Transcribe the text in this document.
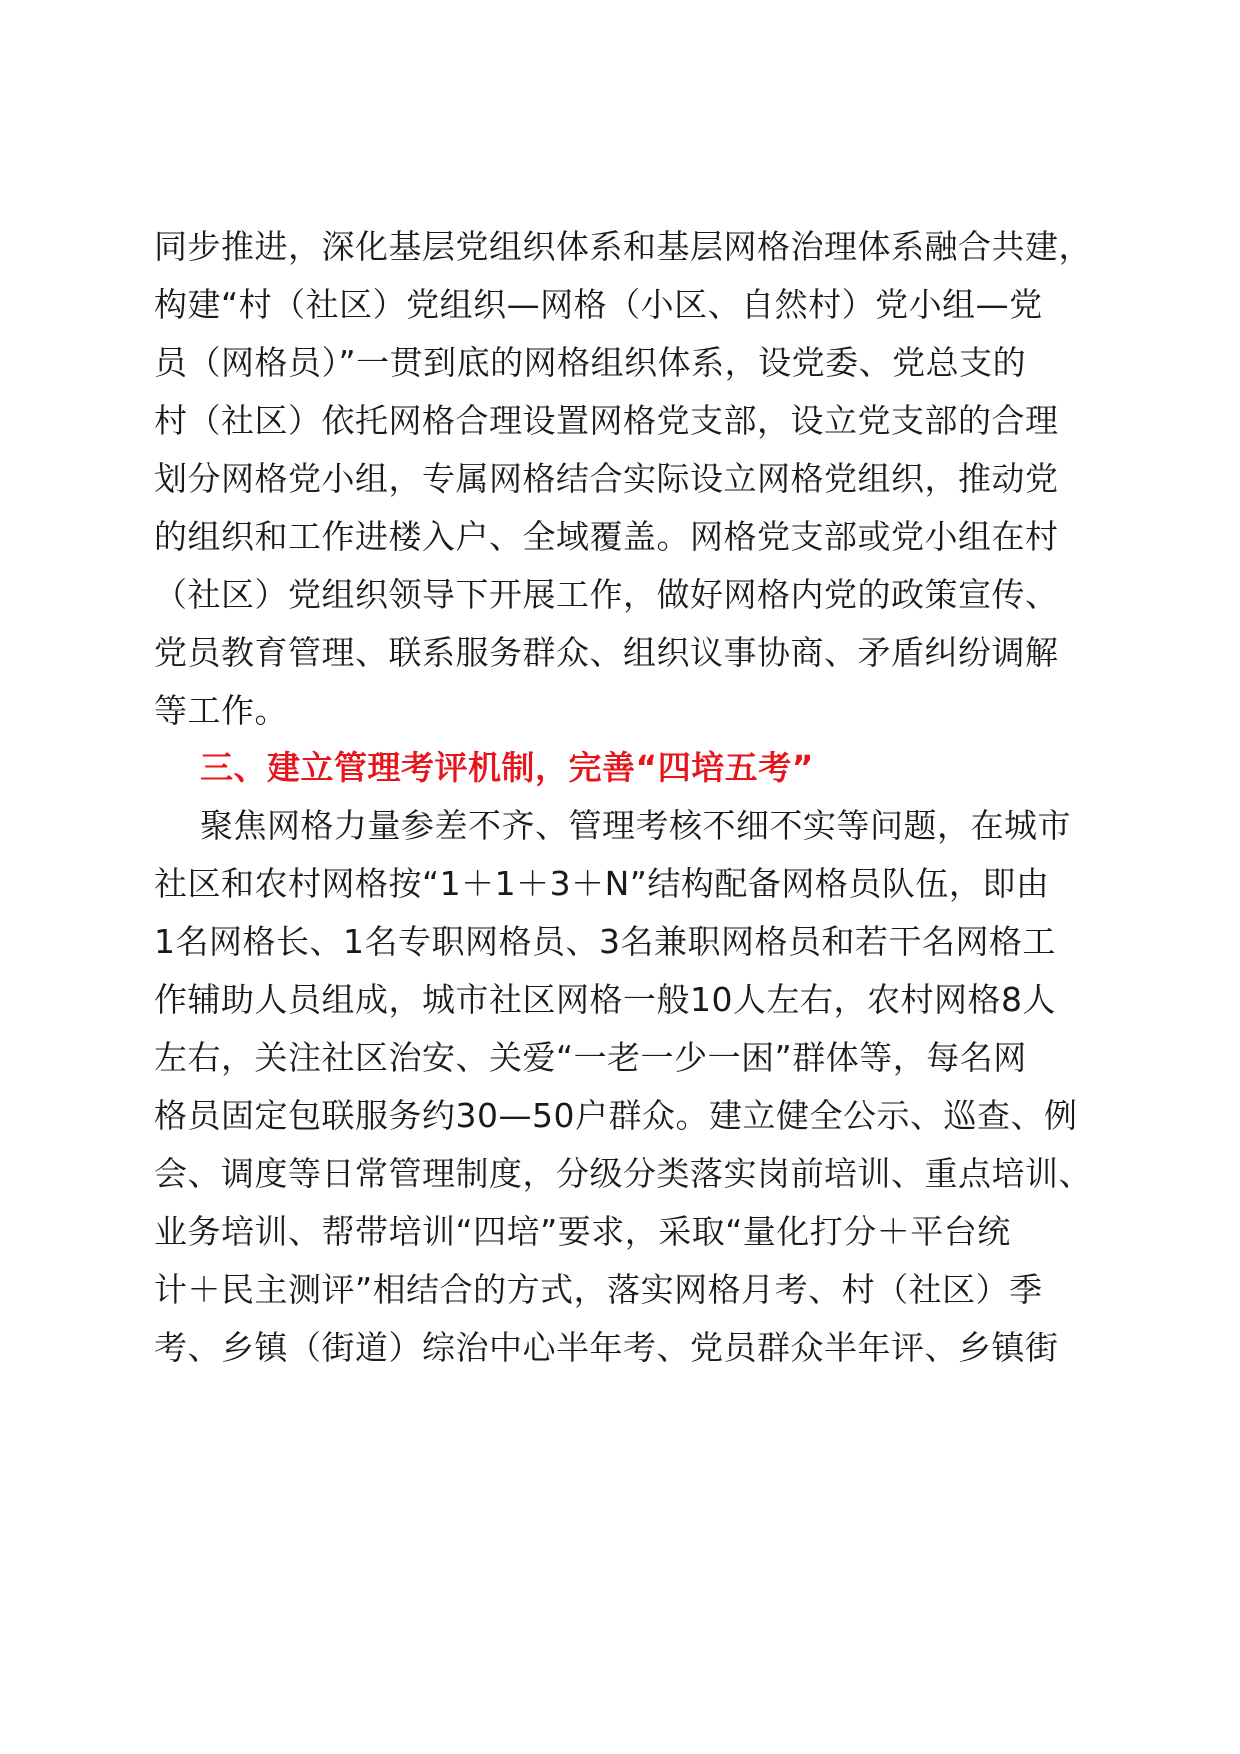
同步推进，深化基层党组织体系和基层网格治理体系融合共建，
构建“村（社区）党组织—网格（小区、自然村）党小组—党
员（网格员）”一贯到底的网格组织体系，设党委、党总支的
村（社区）依托网格合理设置网格党支部，设立党支部的合理
划分网格党小组，专属网格结合实际设立网格党组织，推动党
的组织和工作进楼入户、全域覆盖。网格党支部或党小组在村
（社区）党组织领导下开展工作，做好网格内党的政策宣传、
党员教育管理、联系服务群众、组织议事协商、矛盾纠纷调解
等工作。
三、建立管理考评机制，完善“四培五考”
聚焦网格力量参差不齐、管理考核不细不实等问题，在城市
社区和农村网格按“1＋1＋3＋N”结构配备网格员队伍，即由
1名网格长、1名专职网格员、3名兼职网格员和若干名网格工
作辅助人员组成，城市社区网格一般10人左右，农村网格8人
左右，关注社区治安、关爱“一老一少一困”群体等，每名网
格员固定包联服务约30—50户群众。建立健全公示、巡查、例
会、调度等日常管理制度，分级分类落实岗前培训、重点培训、
业务培训、帮带培训“四培”要求，采取“量化打分＋平台统
计＋民主测评”相结合的方式，落实网格月考、村（社区）季
考、乡镇（街道）综治中心半年考、党员群众半年评、乡镇街
